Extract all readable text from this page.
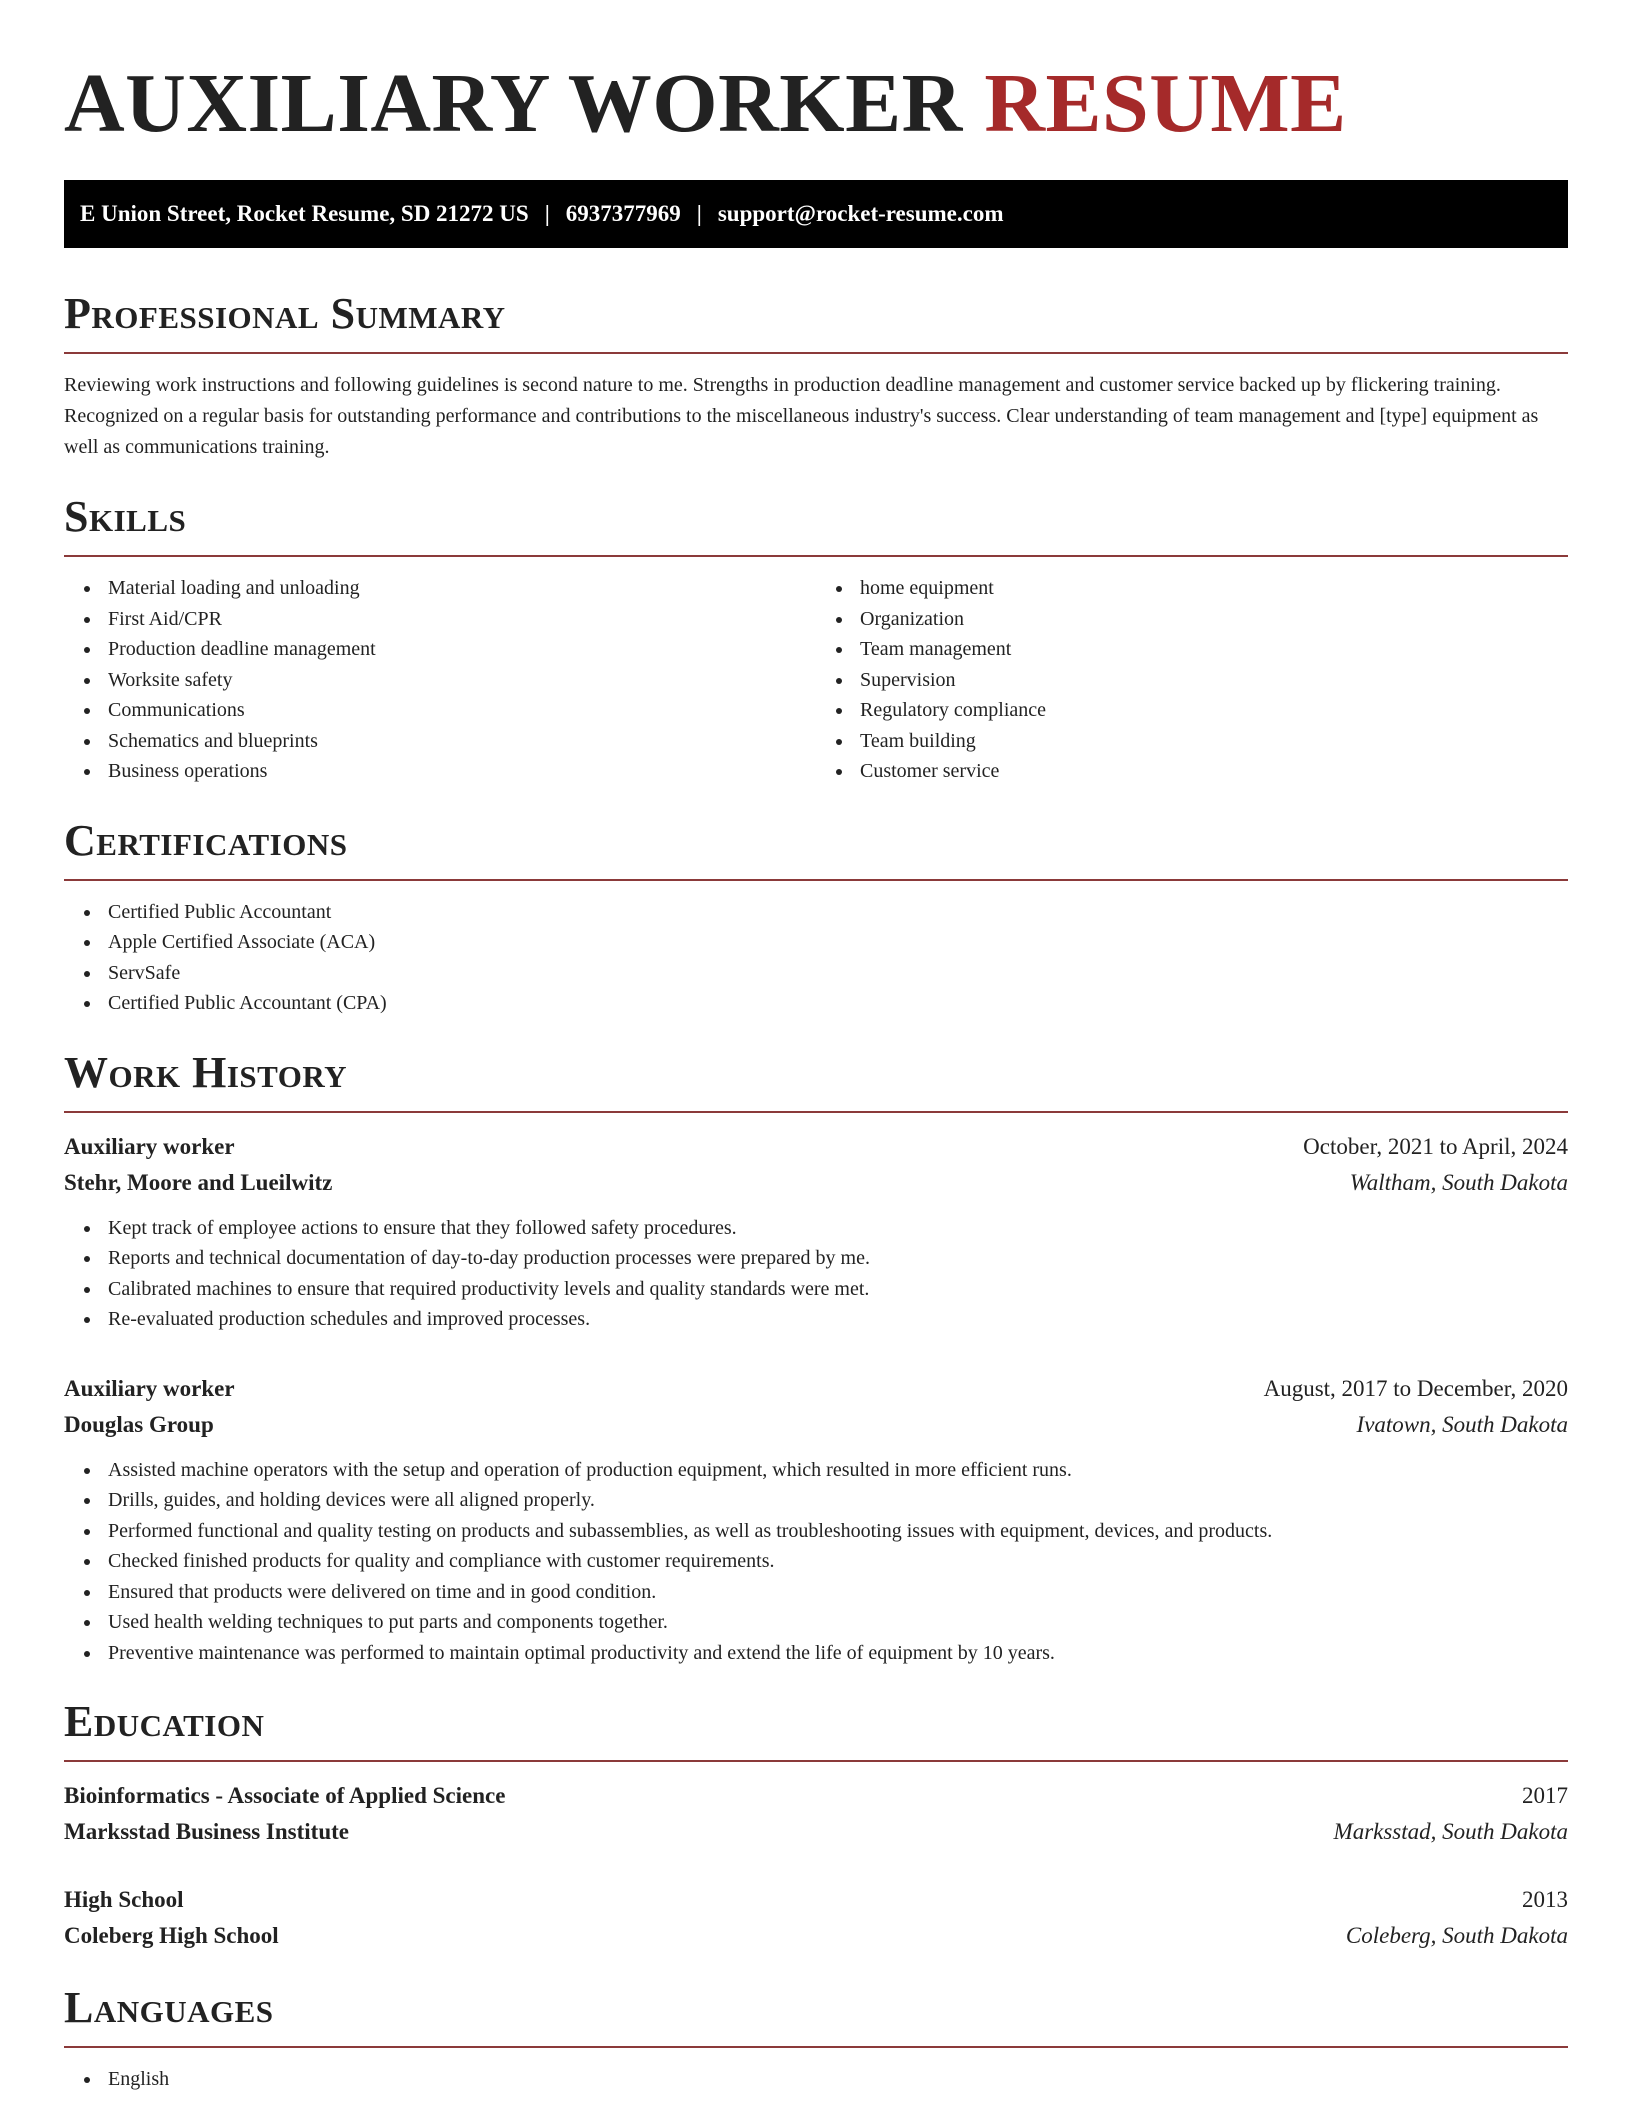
AUXILIARY WORKER RESUME
E Union Street, Rocket Resume, SD 21272 US | 6937377969 | support@rocket-resume.com
Professional Summary

Reviewing work instructions and following guidelines is second nature to me. Strengths in production deadline management and customer service backed up by flickering training. Recognized on a regular basis for outstanding performance and contributions to the miscellaneous industry's success. Clear understanding of team management and [type] equipment as well as communications training.

Skills
Material loading and unloading
First Aid/CPR
Production deadline management
Worksite safety
Communications
Schematics and blueprints
Business operations
home equipment
Organization
Team management
Supervision
Regulatory compliance
Team building
Customer service
Certifications
Certified Public Accountant
Apple Certified Associate (ACA)
ServSafe
Certified Public Accountant (CPA)
Work History
Auxiliary worker	October, 2021 to April, 2024
Stehr, Moore and Lueilwitz	Waltham, South Dakota
Kept track of employee actions to ensure that they followed safety procedures.
Reports and technical documentation of day-to-day production processes were prepared by me.
Calibrated machines to ensure that required productivity levels and quality standards were met.
Re-evaluated production schedules and improved processes.
Auxiliary worker	August, 2017 to December, 2020
Douglas Group	Ivatown, South Dakota
Assisted machine operators with the setup and operation of production equipment, which resulted in more efficient runs.
Drills, guides, and holding devices were all aligned properly.
Performed functional and quality testing on products and subassemblies, as well as troubleshooting issues with equipment, devices, and products.
Checked finished products for quality and compliance with customer requirements.
Ensured that products were delivered on time and in good condition.
Used health welding techniques to put parts and components together.
Preventive maintenance was performed to maintain optimal productivity and extend the life of equipment by 10 years.
Education
Bioinformatics - Associate of Applied Science	2017
Marksstad Business Institute	Marksstad, South Dakota
High School	2013
Coleberg High School	Coleberg, South Dakota
Languages
English
